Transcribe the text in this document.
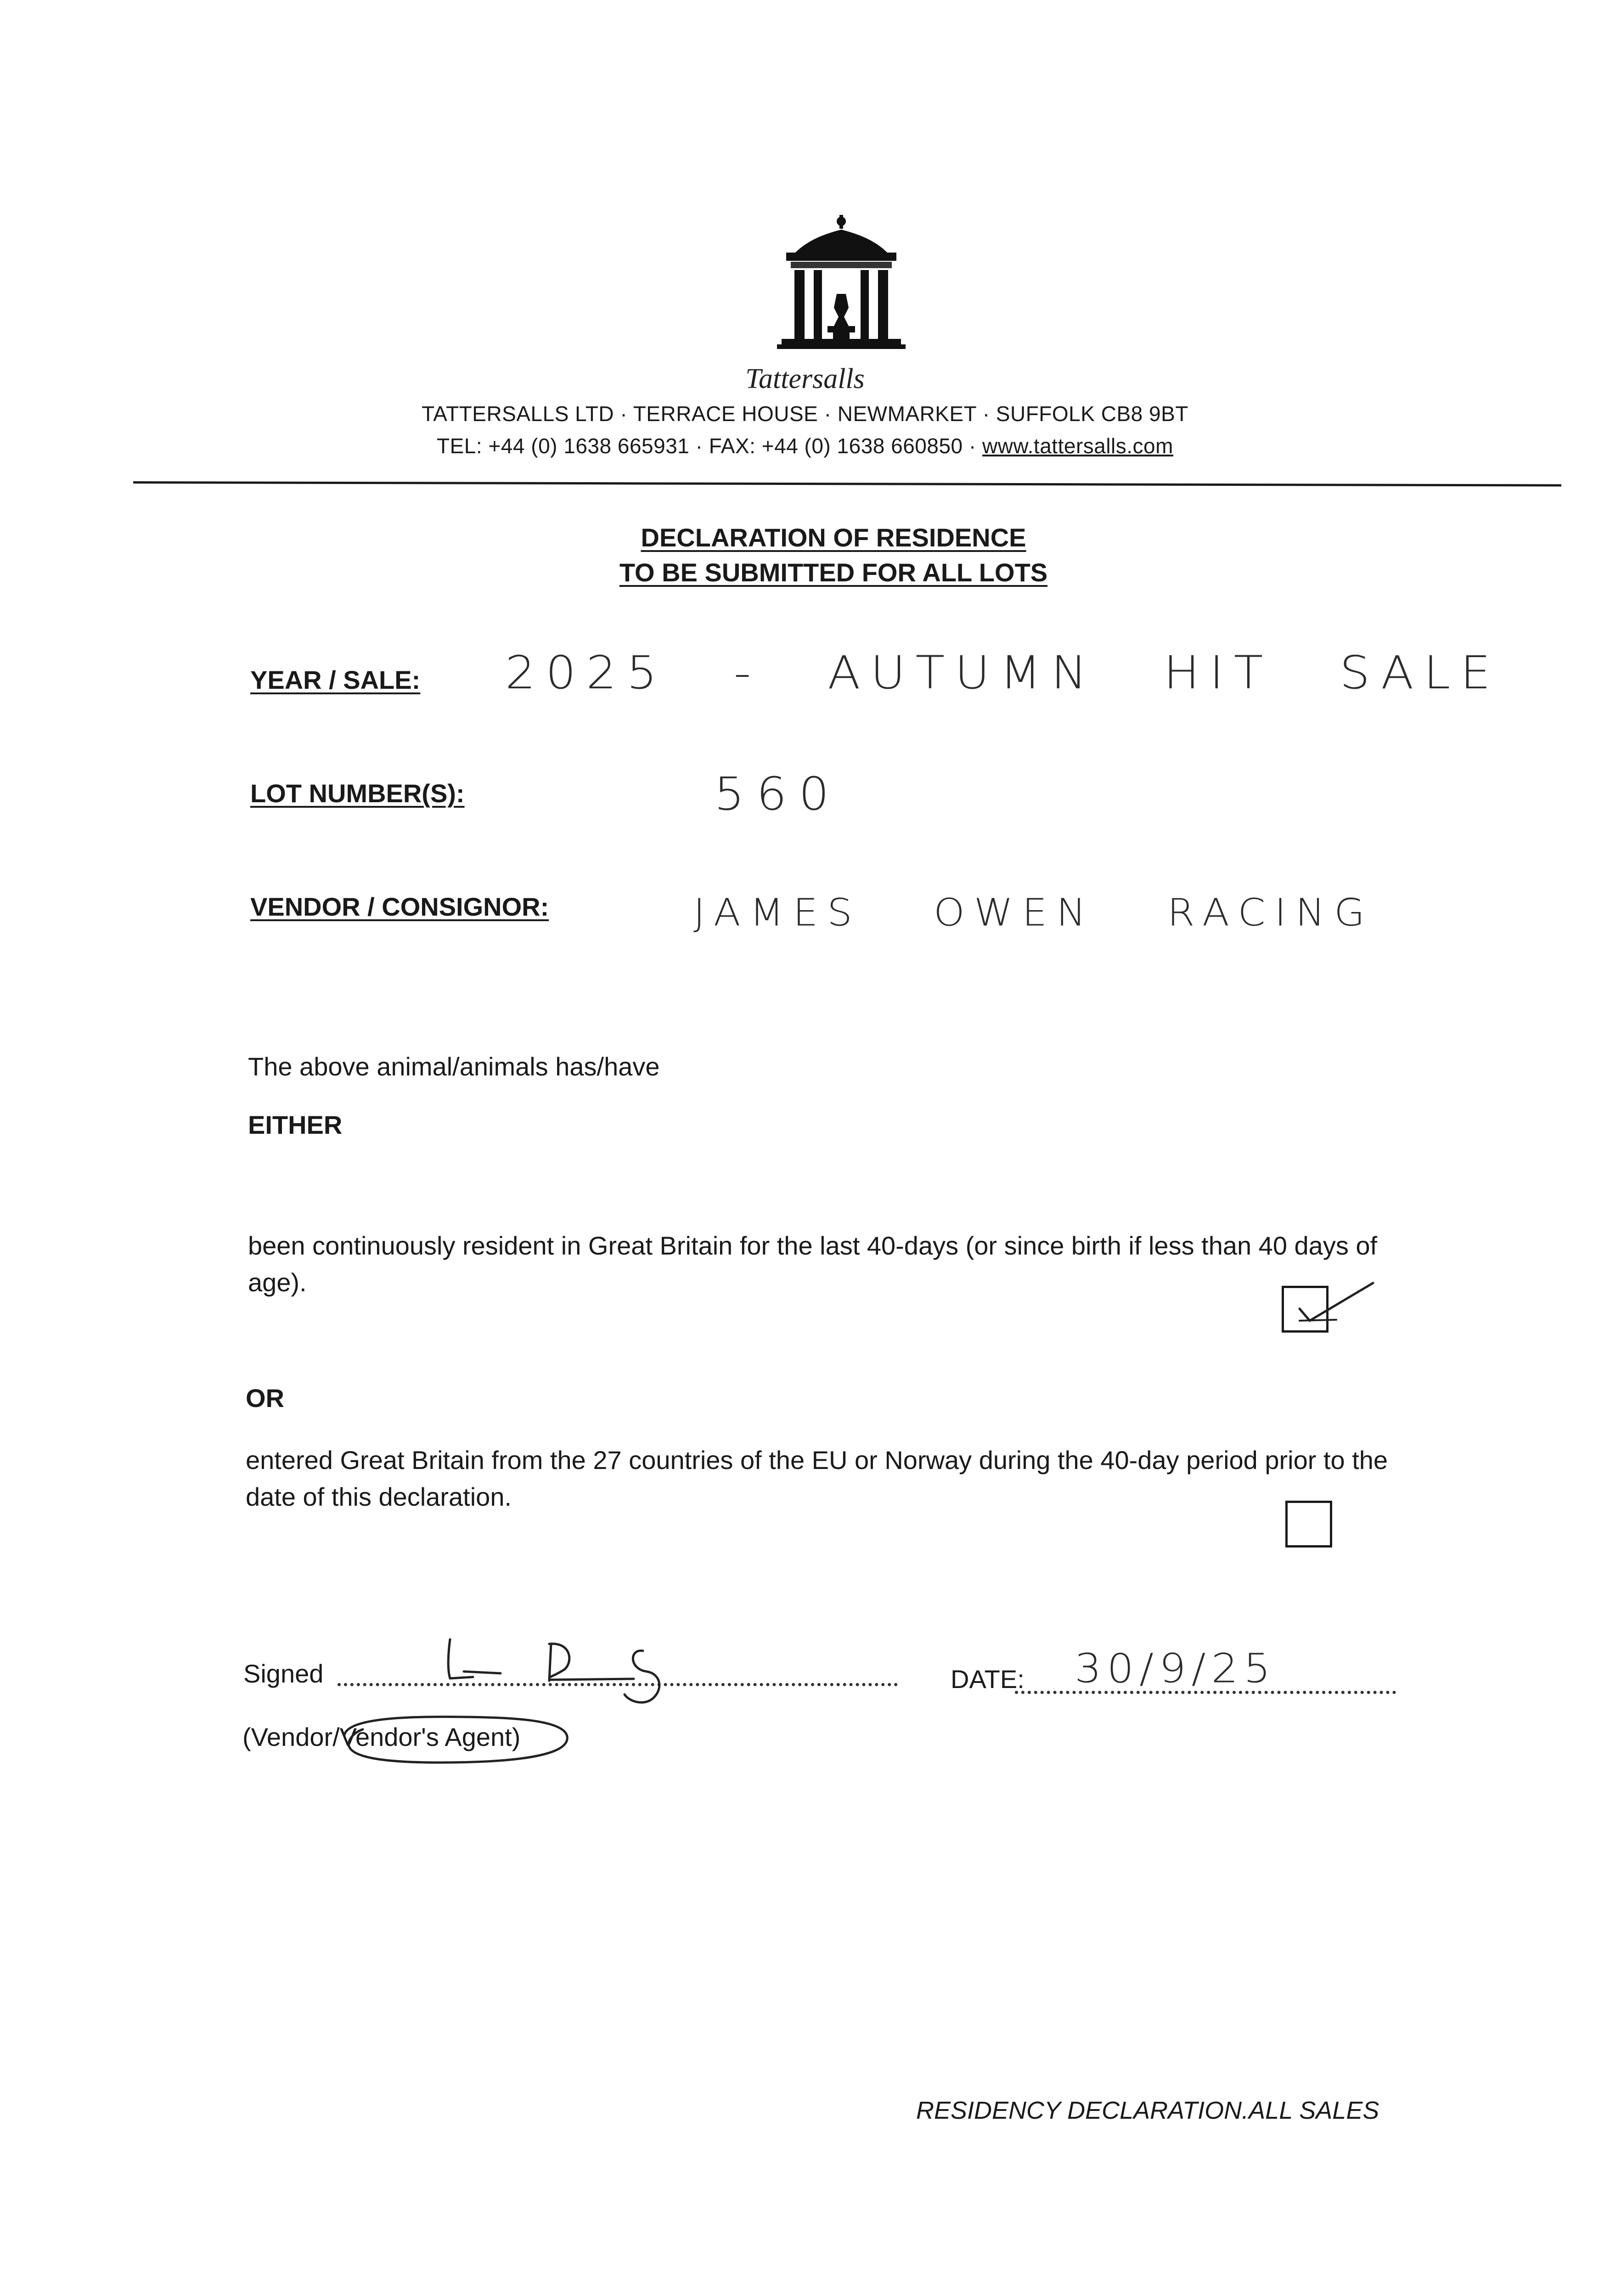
Tattersalls
TATTERSALLS LTD · TERRACE HOUSE · NEWMARKET · SUFFOLK CB8 9BT
TEL: +44 (0) 1638 665931 · FAX: +44 (0) 1638 660850 · www.tattersalls.com
DECLARATION OF RESIDENCE
TO BE SUBMITTED FOR ALL LOTS
YEAR / SALE: 2025 - AUTUMN HIT SALE
LOT NUMBER(S):	560
VENDOR / CONSIGNOR:	JAMES OWEN RACING
The above animal/animals has/have
EITHER
been continuously resident in Great Britain for the last 40-days (or since birth if less than 40 days of age).
OR
entered Great Britain from the 27 countries of the EU or Norway during the 40-day period prior to the date of this declaration.
Signed	DATE: 30/9/25
(Vendor/Vendor's Agent)
RESIDENCY DECLARATION.ALL SALES
